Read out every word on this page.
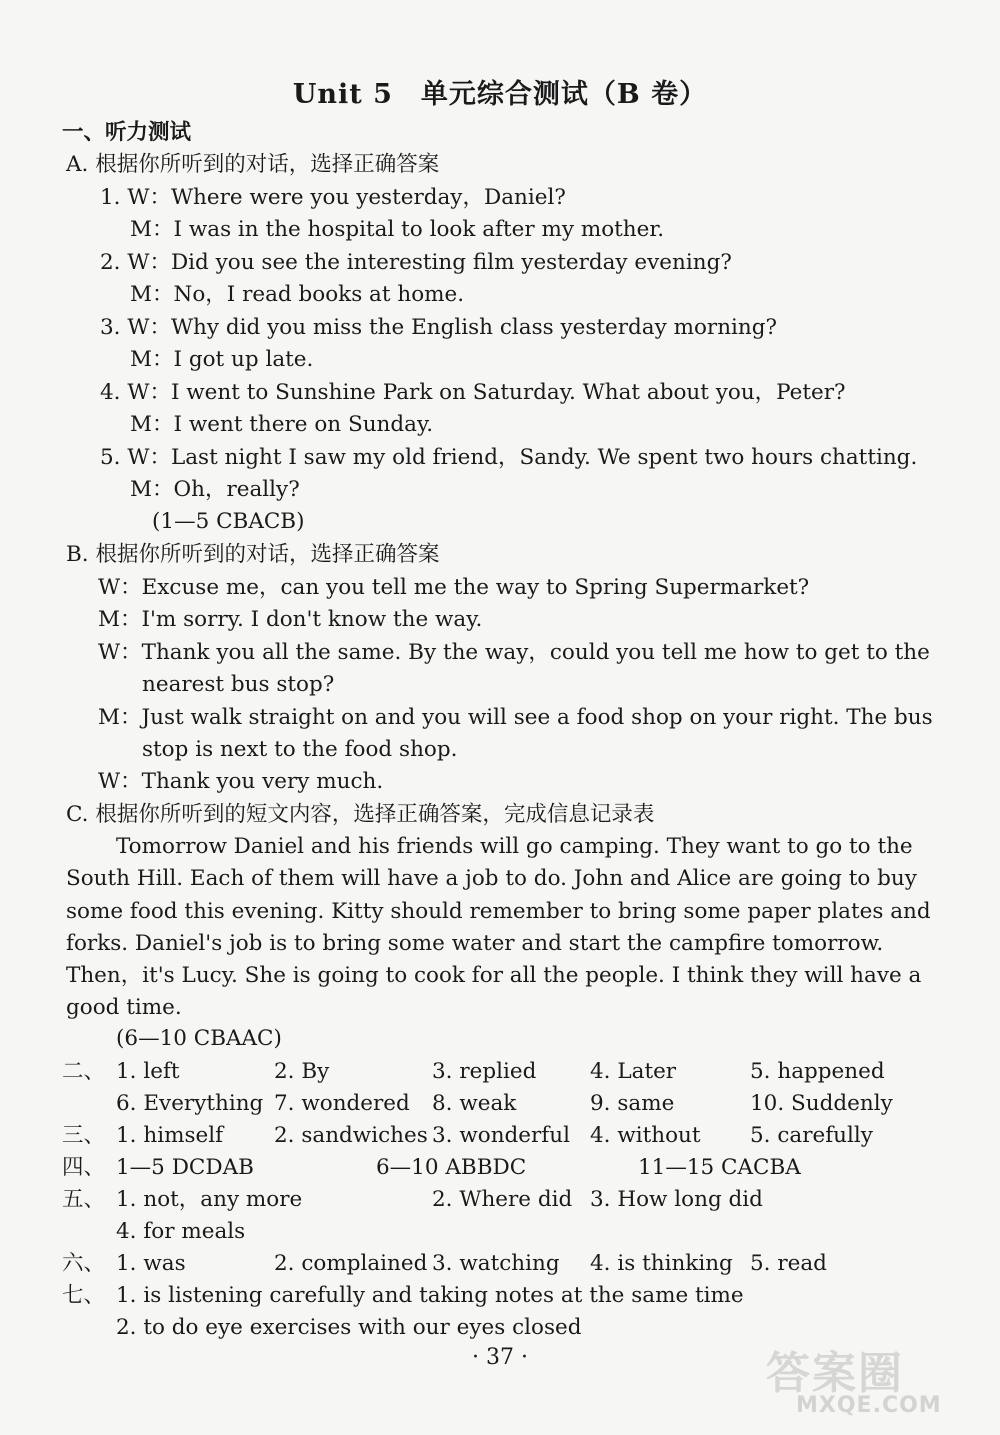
Unit 5　单元综合测试（B 卷）
一、听力测试
A. 根据你所听到的对话，选择正确答案
1. W：Where were you yesterday，Daniel?
M：I was in the hospital to look after my mother.
2. W：Did you see the interesting film yesterday evening?
M：No，I read books at home.
3. W：Why did you miss the English class yesterday morning?
M：I got up late.
4. W：I went to Sunshine Park on Saturday. What about you，Peter?
M：I went there on Sunday.
5. W：Last night I saw my old friend，Sandy. We spent two hours chatting.
M：Oh，really?
(1—5 CBACB)
B. 根据你所听到的对话，选择正确答案
W：Excuse me，can you tell me the way to Spring Supermarket?
M：I'm sorry. I don't know the way.
W：Thank you all the same. By the way，could you tell me how to get to the
nearest bus stop?
M：Just walk straight on and you will see a food shop on your right. The bus
stop is next to the food shop.
W：Thank you very much.
C. 根据你所听到的短文内容，选择正确答案，完成信息记录表
Tomorrow Daniel and his friends will go camping. They want to go to the
South Hill. Each of them will have a job to do. John and Alice are going to buy
some food this evening. Kitty should remember to bring some paper plates and
forks. Daniel's job is to bring some water and start the campfire tomorrow.
Then，it's Lucy. She is going to cook for all the people. I think they will have a
good time.
(6—10 CBAAC)
二、 1. left	2. By	3. replied 4. Later	5. happened
6. Everything 7. wondered 8. weak	9. same	10. Suddenly
三、 1. himself 2. sandwiches 3. wonderful 4. without 5. carefully
四、 1—5 DCDAB	6—10 ABBDC	11—15 CACBA
五、 1. not，any more	2. Where did 3. How long did
4. for meals
六、 1. was	2. complained 3. watching 4. is thinking 5. read
七、 1. is listening carefully and taking notes at the same time
2. to do eye exercises with our eyes closed
· 37 ·	答案圈
MXQE.COM
